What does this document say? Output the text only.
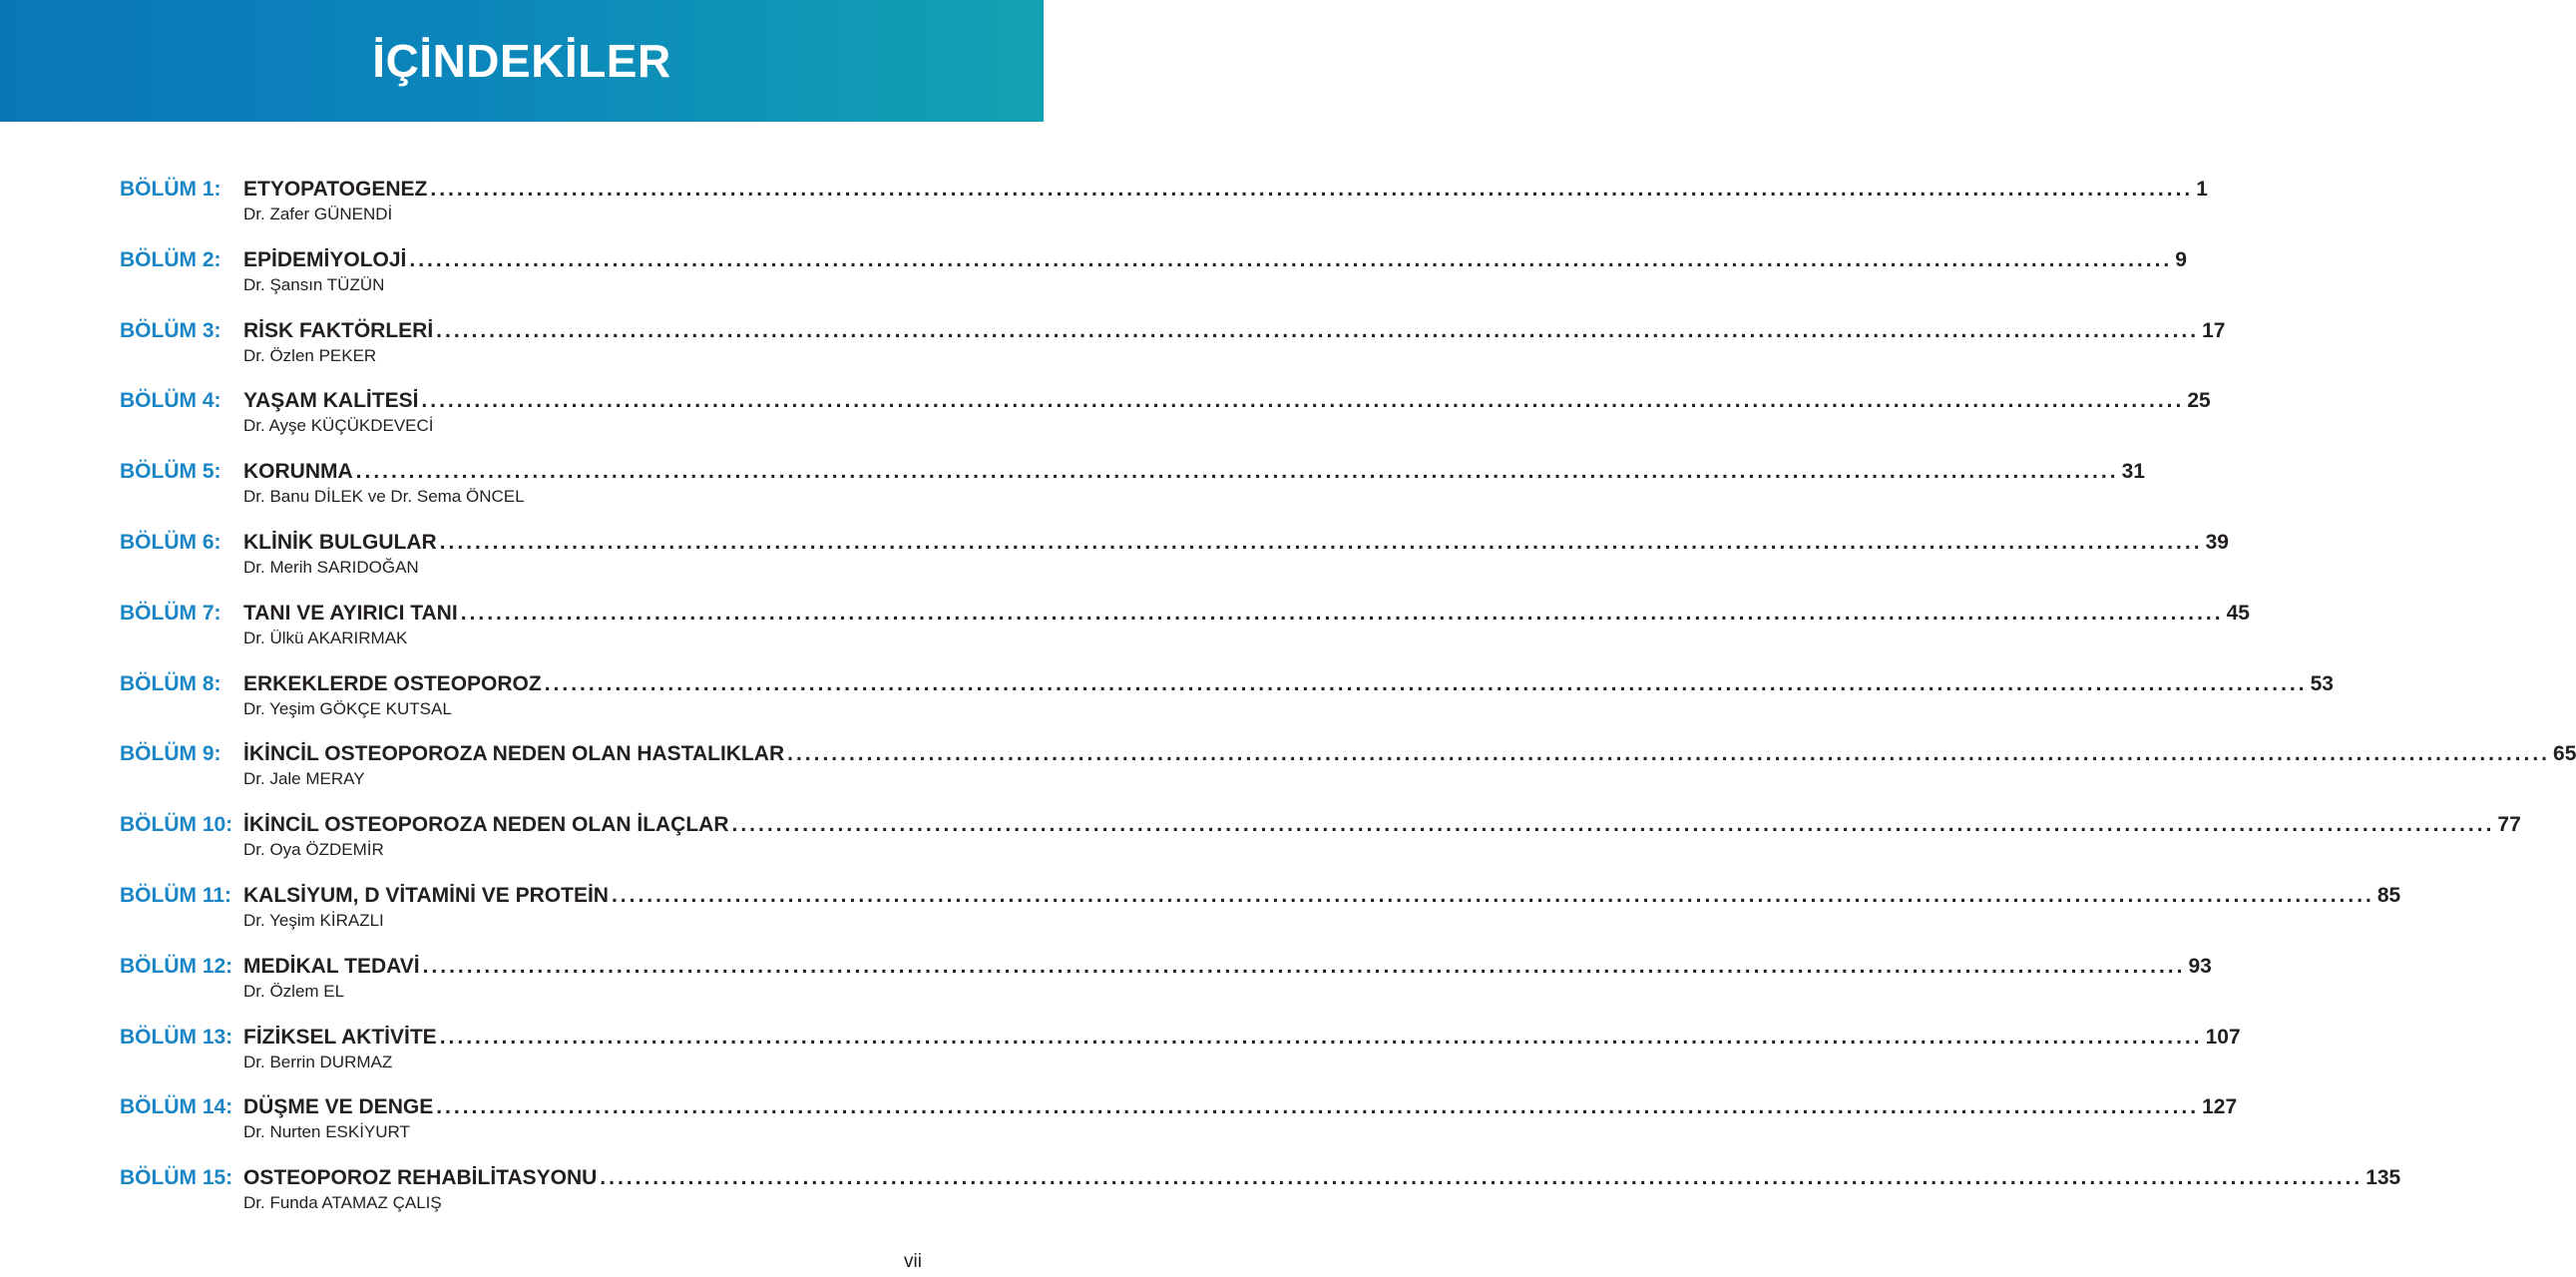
İÇİNDEKİLER
BÖLÜM 1:	ETYOPATOGENEZ ........................................................................................................................................................................................................ 1
Dr. Zafer GÜNENDİ
BÖLÜM 2:	EPİDEMİYOLOJİ ........................................................................................................................................................................................................ 9
Dr. Şansın TÜZÜN
BÖLÜM 3:	RİSK FAKTÖRLERİ ........................................................................................................................................................................................................ 17
Dr. Özlen PEKER
BÖLÜM 4:	YAŞAM KALİTESİ ........................................................................................................................................................................................................ 25
Dr. Ayşe KÜÇÜKDEVECİ
BÖLÜM 5:	KORUNMA ........................................................................................................................................................................................................ 31
Dr. Banu DİLEK ve Dr. Sema ÖNCEL
BÖLÜM 6:	KLİNİK BULGULAR ........................................................................................................................................................................................................ 39
Dr. Merih SARIDOĞAN
BÖLÜM 7:	TANI VE AYIRICI TANI ........................................................................................................................................................................................................ 45
Dr. Ülkü AKARIRMAK
BÖLÜM 8:	ERKEKLERDE OSTEOPOROZ ........................................................................................................................................................................................................ 53
Dr. Yeşim GÖKÇE KUTSAL
BÖLÜM 9:	İKİNCİL OSTEOPOROZA NEDEN OLAN HASTALIKLAR ........................................................................................................................................................................................................ 65
Dr. Jale MERAY
BÖLÜM 10: İKİNCİL OSTEOPOROZA NEDEN OLAN İLAÇLAR ........................................................................................................................................................................................................ 77
Dr. Oya ÖZDEMİR
BÖLÜM 11: KALSİYUM, D VİTAMİNİ VE PROTEİN ........................................................................................................................................................................................................ 85
Dr. Yeşim KİRAZLI
BÖLÜM 12: MEDİKAL TEDAVİ ........................................................................................................................................................................................................ 93
Dr. Özlem EL
BÖLÜM 13: FİZİKSEL AKTİVİTE ........................................................................................................................................................................................................ 107
Dr. Berrin DURMAZ
BÖLÜM 14: DÜŞME VE DENGE ........................................................................................................................................................................................................ 127
Dr. Nurten ESKİYURT
BÖLÜM 15: OSTEOPOROZ REHABİLİTASYONU ........................................................................................................................................................................................................ 135
Dr. Funda ATAMAZ ÇALIŞ
vii
